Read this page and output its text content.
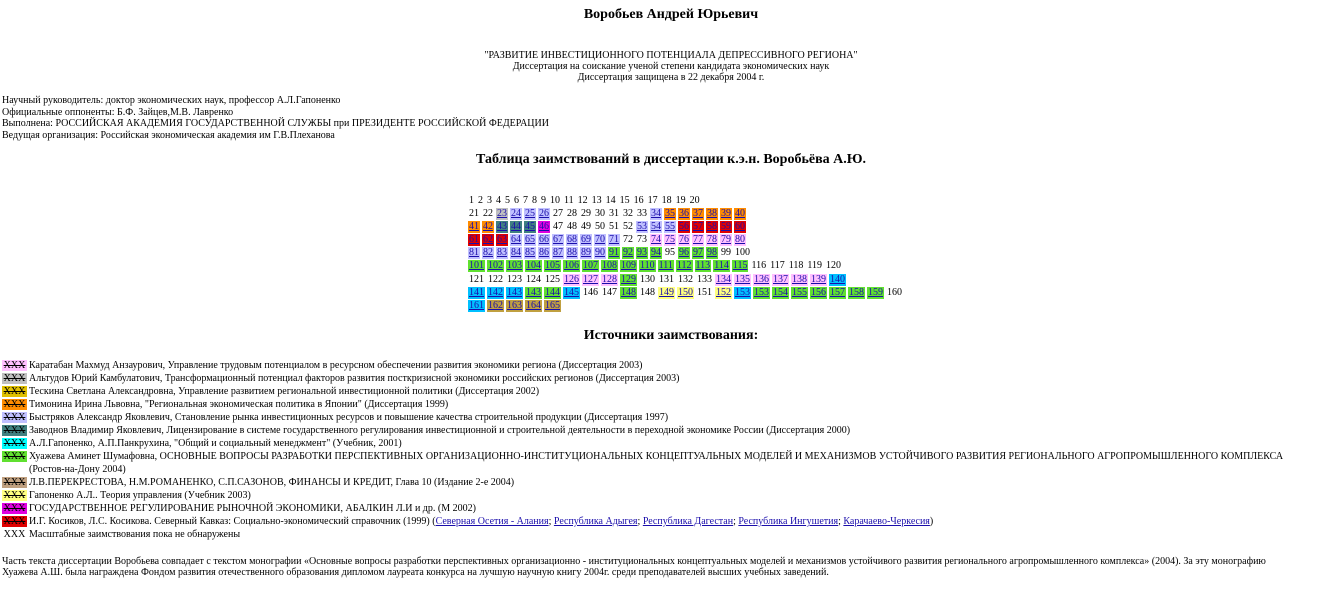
Воробьев Андрей Юрьевич
"РАЗВИТИЕ ИНВЕСТИЦИОННОГО ПОТЕНЦИАЛА ДЕПРЕССИВНОГО РЕГИОНА"
Диссертация на соискание ученой степени кандидата экономических наук
Диссертация защищена в 22 декабря 2004 г.
Научный руководитель: доктор экономических наук, профессор А.Л.Гапоненко
Официальные оппоненты: Б.Ф. Зайцев,М.В. Лавренко
Выполнена: РОССИЙСКАЯ АКАДЕМИЯ ГОСУДАРСТВЕННОЙ СЛУЖБЫ при ПРЕЗИДЕНТЕ РОССИЙСКОЙ ФЕДЕРАЦИИ
Ведущая организация: Российская экономическая академия им Г.В.Плеханова
Таблица заимствований в диссертации к.э.н. Воробьёва А.Ю.
1 2 3 4 5 6 7 8 9 10 11 12 13 14 15 16 17 18 19 20
21 22 23 24 25 26 27 28 29 30 31 32 33 34 35 36 37 38 39 40
41 42 43 44 45 46 47 48 49 50 51 52 53 54 55 56 57 58 59 60
61 62 63 64 65 66 67 68 69 70 71 72 73 74 75 76 77 78 79 80
81 82 83 84 85 86 87 88 89 90 91 92 93 94 95 96 97 98 99 100
101 102 103 104 105 106 107 108 109 110 111 112 113 114 115 116 117 118 119 120
121 122 123 124 125 126 127 128 129 130 131 132 133 134 135 136 137 138 139 140
141 142 143 143 144 145 146 147 148 148 149 150 151 152 153 153 154 155 156 157 158 159 160
161 162 163 164 165
Источники заимствования:
XXX Каратабан Махмуд Анзаурович, Управление трудовым потенциалом в ресурсном обеспечении развития экономики региона (Диссертация 2003)
XXX Альтудов Юрий Камбулатович, Трансформационный потенциал факторов развития посткризисной экономики российских регионов (Диссертация 2003)
XXX Тескина Светлана Александровна, Управление развитием региональной инвестиционной политики (Диссертация 2002)
XXX Тимонина Ирина Львовна, "Региональная экономическая политика в Японии" (Диссертация 1999)
XXX Быстряков Александр Яковлевич, Становление рынка инвестиционных ресурсов и повышение качества строительной продукции (Диссертация 1997)
XXX Заводнов Владимир Яковлевич, Лицензирование в системе государственного регулирования инвестиционной и строительной деятельности в переходной экономике России (Диссертация 2000)
XXX А.Л.Гапоненко, А.П.Панкрухина, "Общий и социальный менеджмент" (Учебник, 2001)
XXX Хуажева Аминет Шумафовна, ОСНОВНЫЕ ВОПРОСЫ РАЗРАБОТКИ ПЕРСПЕКТИВНЫХ ОРГАНИЗАЦИОННО-ИНСТИТУЦИОНАЛЬНЫХ КОНЦЕПТУАЛЬНЫХ МОДЕЛЕЙ И МЕХАНИЗМОВ УСТОЙЧИВОГО РАЗВИТИЯ РЕГИОНАЛЬНОГО АГРОПРОМЫШЛЕННОГО КОМПЛЕКСА (Ростов-на-Дону 2004)
XXX Л.В.ПЕРЕКРЕСТОВА, Н.М.РОМАНЕНКО, С.П.САЗОНОВ, ФИНАНСЫ И КРЕДИТ, Глава 10 (Издание 2-е 2004)
XXX Гапоненко А.Л.. Теория управления (Учебник 2003)
XXX ГОСУДАРСТВЕННОЕ РЕГУЛИРОВАНИЕ РЫНОЧНОЙ ЭКОНОМИКИ, АБАЛКИН Л.И и др. (М 2002)
XXX И.Г. Косиков, Л.С. Косикова. Северный Кавказ: Социально-экономический справочник (1999) (Северная Осетия - Алания; Республика Адыгея; Республика Дагестан; Республика Ингушетия; Карачаево-Черкесия)
XXX Масштабные заимствования пока не обнаружены
Часть текста диссертации Воробьева совпадает с текстом монографии «Основные вопросы разработки перспективных организационно - институциональных концептуальных моделей и механизмов устойчивого развития регионального агропромышленного комплекса» (2004). За эту монографию
Хуажева А.Ш. была награждена Фондом развития отечественного образования дипломом лауреата конкурса на лучшую научную книгу 2004г. среди преподавателей высших учебных заведений.
